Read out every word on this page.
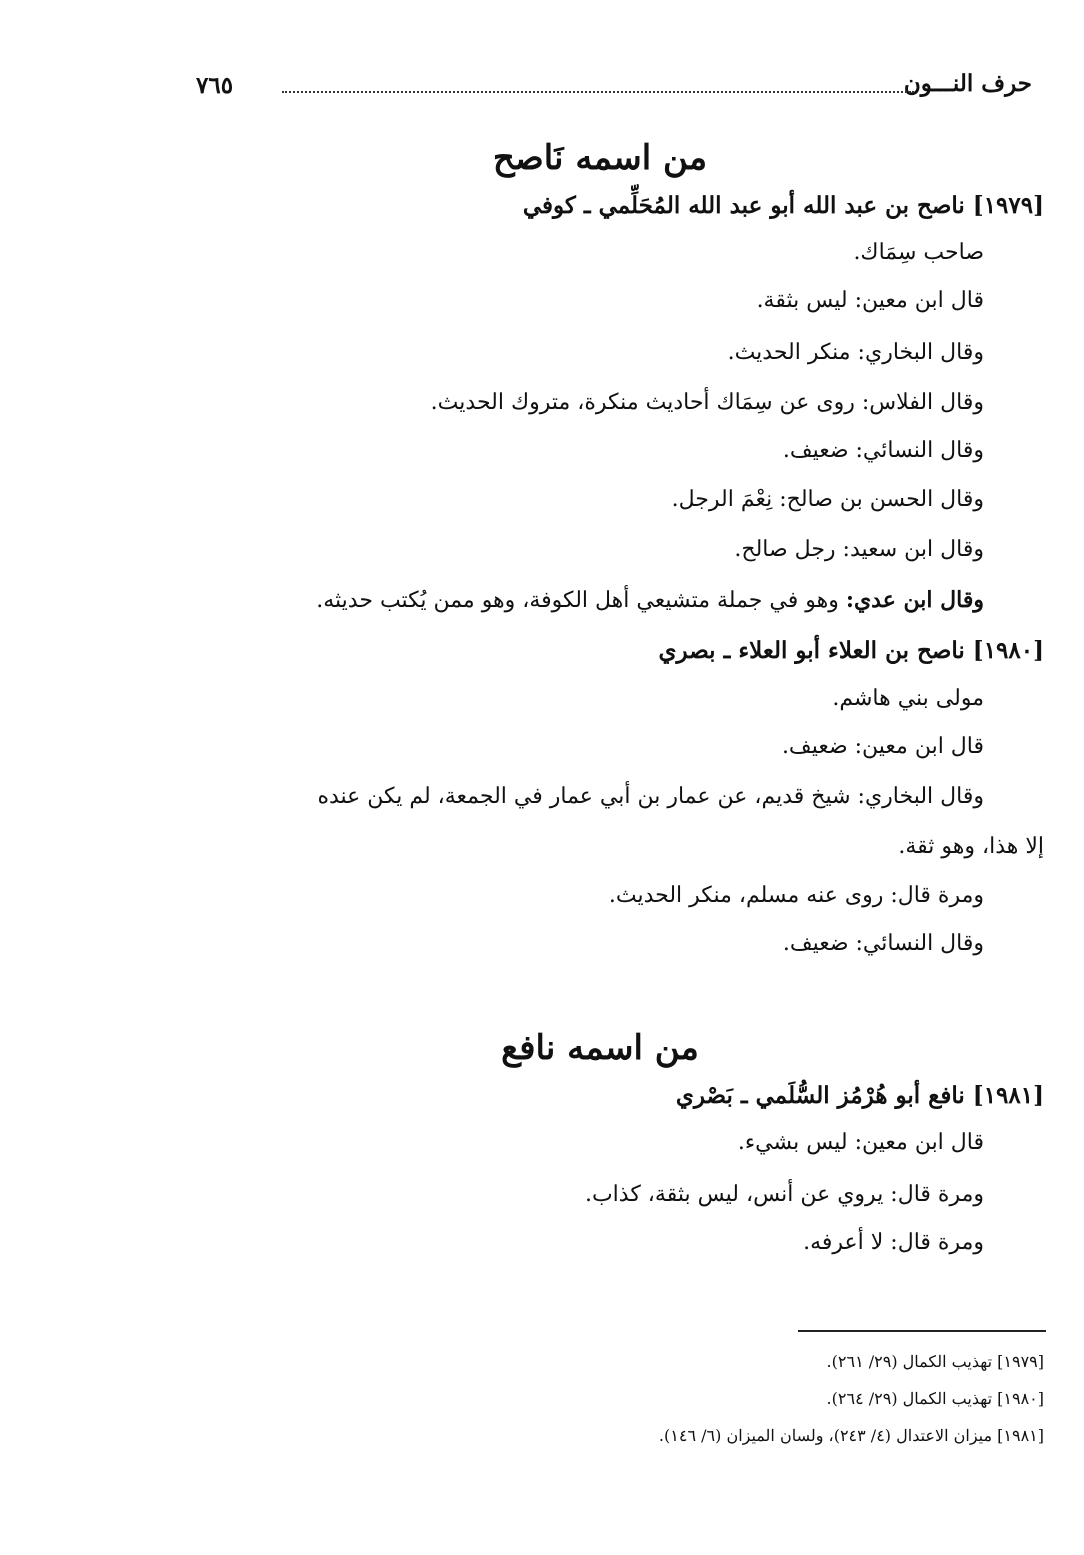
حرف النـــون
٧٦٥
من اسمه نَاصح
[١٩٧٩] ناصح بن عبد الله أبو عبد الله المُحَلِّمي ـ كوفي
صاحب سِمَاك.
قال ابن معين: ليس بثقة.
وقال البخاري: منكر الحديث.
وقال الفلاس: روى عن سِمَاك أحاديث منكرة، متروك الحديث.
وقال النسائي: ضعيف.
وقال الحسن بن صالح: نِعْمَ الرجل.
وقال ابن سعيد: رجل صالح.
وقال ابن عدي: وهو في جملة متشيعي أهل الكوفة، وهو ممن يُكتب حديثه.
[١٩٨٠] ناصح بن العلاء أبو العلاء ـ بصري
مولى بني هاشم.
قال ابن معين: ضعيف.
وقال البخاري: شيخ قديم، عن عمار بن أبي عمار في الجمعة، لم يكن عنده
إلا هذا، وهو ثقة.
ومرة قال: روى عنه مسلم، منكر الحديث.
وقال النسائي: ضعيف.
من اسمه نافع
[١٩٨١] نافع أبو هُرْمُز السُّلَمي ـ بَصْري
قال ابن معين: ليس بشيء.
ومرة قال: يروي عن أنس، ليس بثقة، كذاب.
ومرة قال: لا أعرفه.
[١٩٧٩] تهذيب الكمال (٢٩/ ٢٦١).
[١٩٨٠] تهذيب الكمال (٢٩/ ٢٦٤).
[١٩٨١] ميزان الاعتدال (٤/ ٢٤٣)، ولسان الميزان (٦/ ١٤٦).
